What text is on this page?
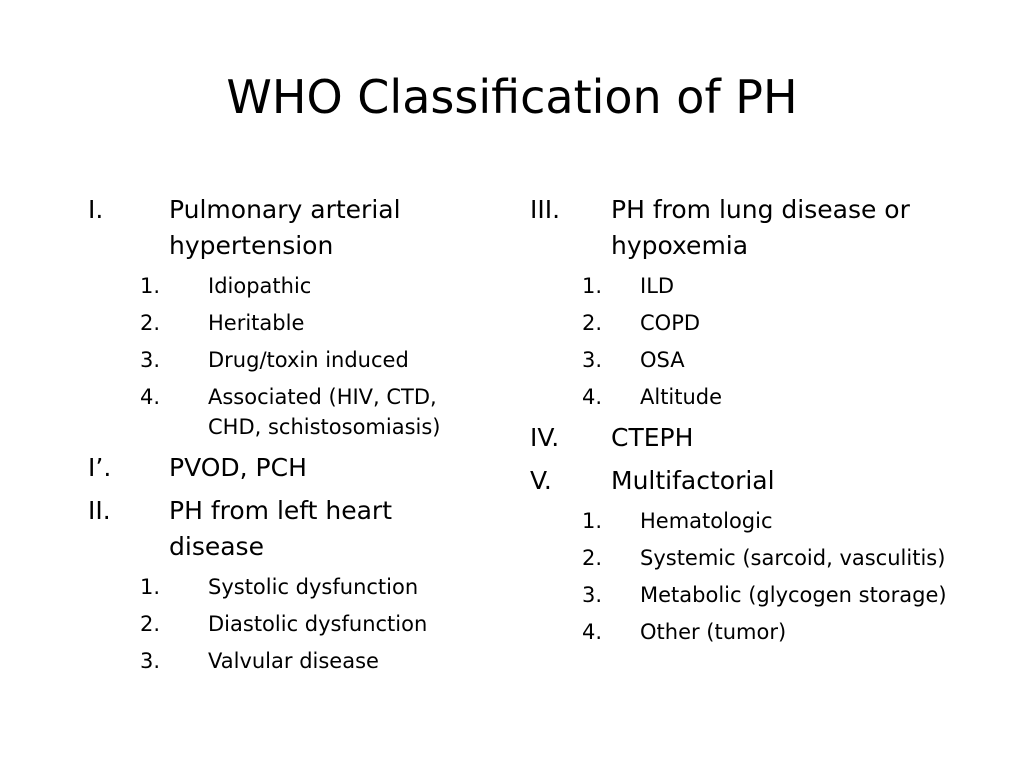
WHO Classification of PH
I.	Pulmonary arterial hypertension
1. Idiopathic
2. Heritable
3. Drug/toxin induced
4. Associated (HIV, CTD, CHD, schistosomiasis)
I’. PVOD, PCH
II. PH from left heart disease
1. Systolic dysfunction
2. Diastolic dysfunction
3. Valvular disease
III. PH from lung disease or hypoxemia
1. ILD
2. COPD
3. OSA
4. Altitude
IV. CTEPH
V. Multifactorial
1. Hematologic
2. Systemic (sarcoid, vasculitis)
3. Metabolic (glycogen storage)
4. Other (tumor)
